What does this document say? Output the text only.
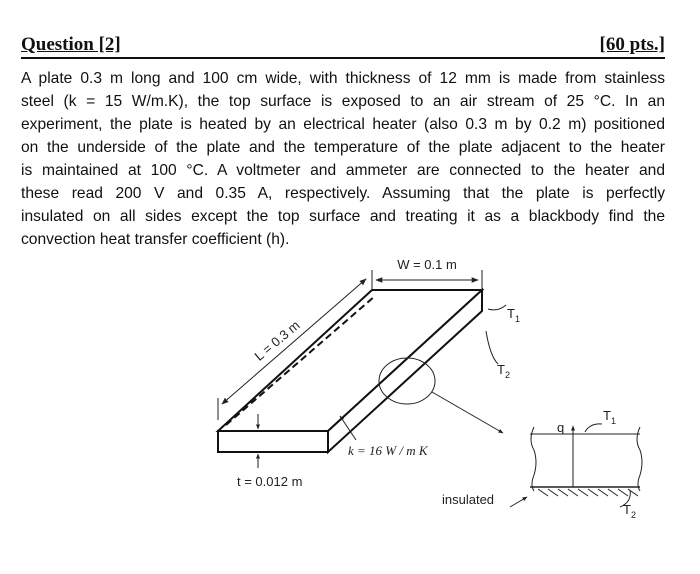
Question [2]	[60 pts.]
A plate 0.3 m long and 100 cm wide, with thickness of 12 mm is made from stainless
steel (k = 15 W/m.K), the top surface is exposed to an air stream of 25 °C. In an
experiment, the plate is heated by an electrical heater (also 0.3 m by 0.2 m) positioned
on the underside of the plate and the temperature of the plate adjacent to the heater
is maintained at 100 °C. A voltmeter and ammeter are connected to the heater and
these read 200 V and 0.35 A, respectively. Assuming that the plate is perfectly
insulated on all sides except the top surface and treating it as a blackbody find the
convection heat transfer coefficient (h).
W = 0.1 m
L = 0.3 m
t = 0.012 m
k = 16 W / m K
$T_1$
$T_2$
q
$T_1$
$T_2$
insulated
